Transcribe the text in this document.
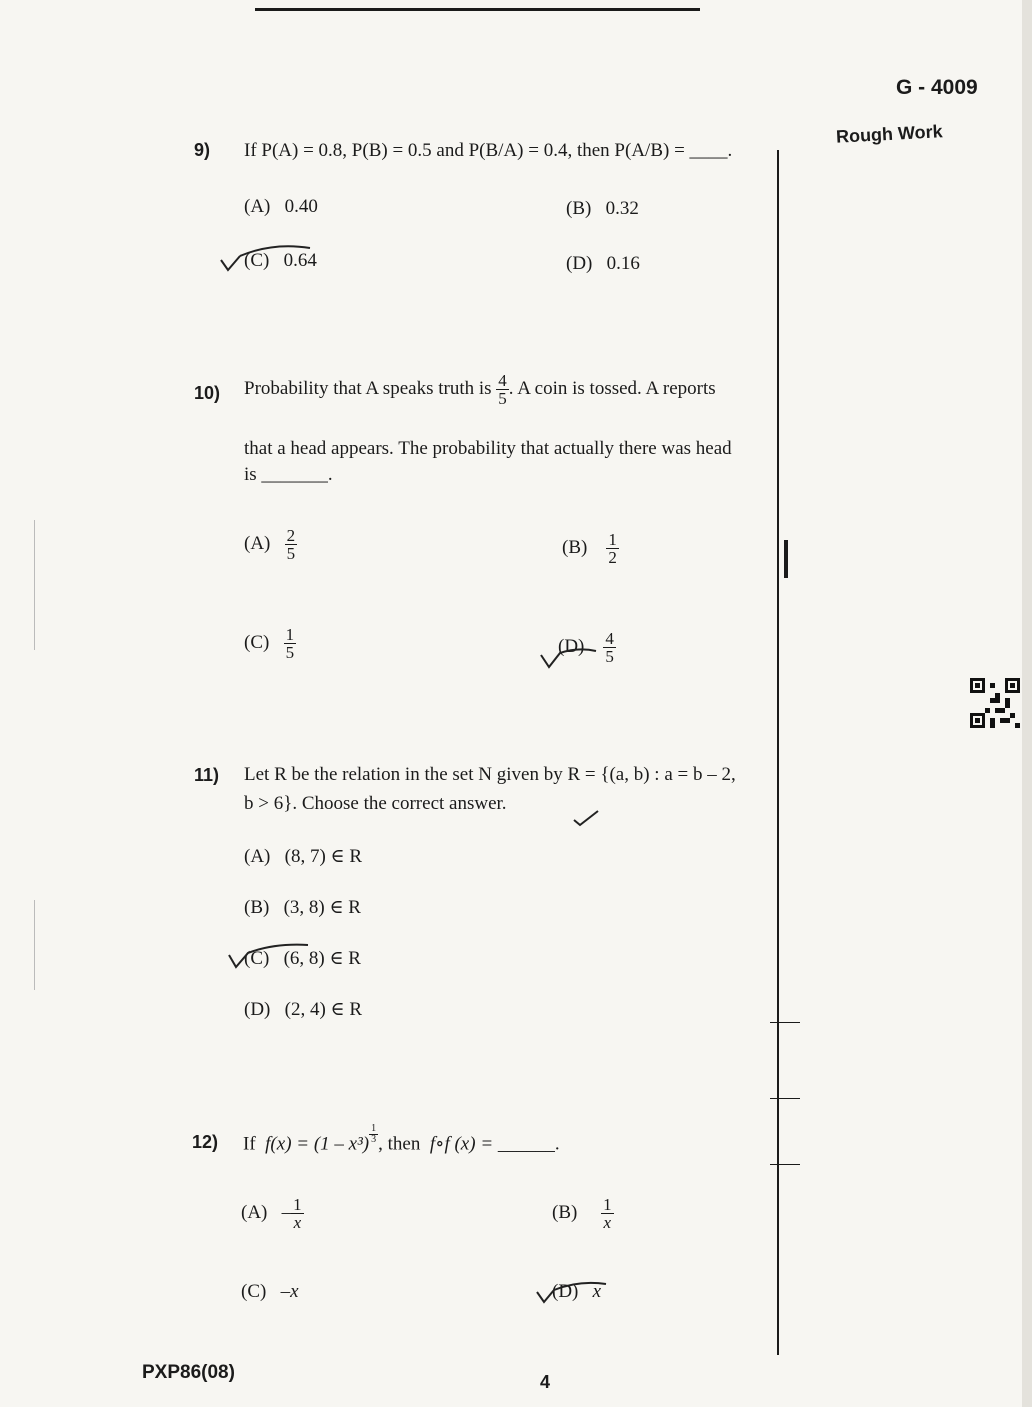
G - 4009
Rough Work
9) If P(A) = 0.8, P(B) = 0.5 and P(B/A) = 0.4, then P(A/B) = ____.
(A) 0.40	(B) 0.32
(C) 0.64	(D) 0.16
10) Probability that A speaks truth is $\frac{4}{5}$ . A coin is tossed. A reports
that a head appears. The probability that actually there was head
is _______.
$(A) \frac{2}{5}$	$(B) \frac{1}{2}$
$(C) \frac{1}{5}$	$(D) \frac{4}{5}$
11) Let R be the relation in the set N given by R = {(a, b) : a = b – 2,
b > 6}. Choose the correct answer.
(A) (8, 7) ∈ R
(B) (3, 8) ∈ R
(C) (6, 8) ∈ R
(D) (2, 4) ∈ R
12) If $f(x) = (1 - x^3) \frac{1}{3}$ , then f∘f (x) = ______.
$(A) - \frac{1}{x}$	$(B) \frac{1}{x}$
(C) –x	(D) x
PXP86(08)	4
